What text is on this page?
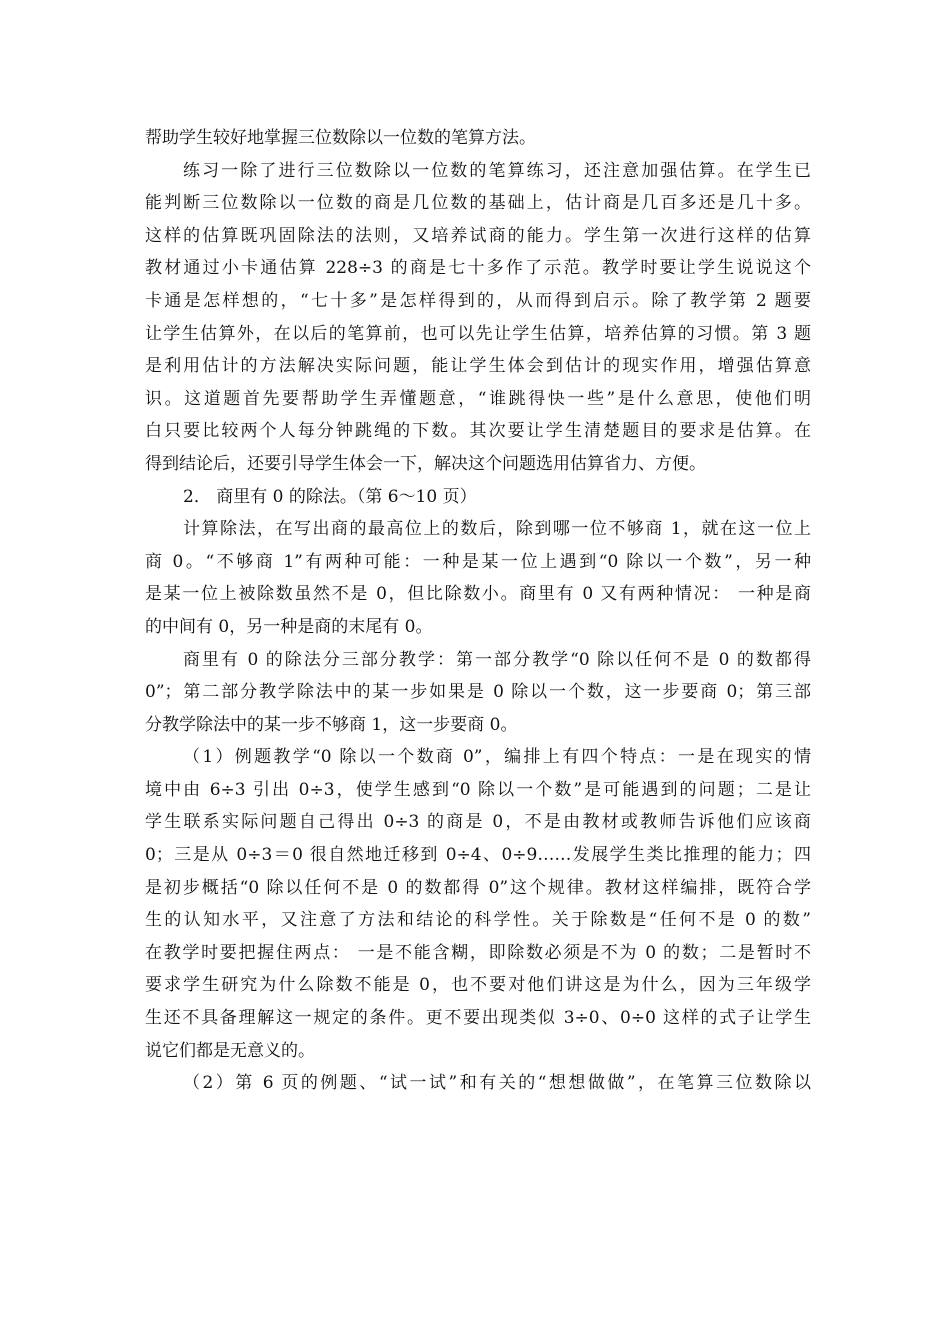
帮助学生较好地掌握三位数除以一位数的笔算方法。
练习一除了进行三位数除以一位数的笔算练习，还注意加强估算。在学生已
能判断三位数除以一位数的商是几位数的基础上，估计商是几百多还是几十多。
这样的估算既巩固除法的法则，又培养试商的能力。学生第一次进行这样的估算
教材通过小卡通估算 228÷3 的商是七十多作了示范。教学时要让学生说说这个
卡通是怎样想的，“七十多”是怎样得到的，从而得到启示。除了教学第 2 题要
让学生估算外，在以后的笔算前，也可以先让学生估算，培养估算的习惯。第 3 题
是利用估计的方法解决实际问题，能让学生体会到估计的现实作用，增强估算意
识。这道题首先要帮助学生弄懂题意，“谁跳得快一些”是什么意思，使他们明
白只要比较两个人每分钟跳绳的下数。其次要让学生清楚题目的要求是估算。在
得到结论后，还要引导学生体会一下，解决这个问题选用估算省力、方便。
2． 商里有 0 的除法。（第 6～10 页）
计算除法，在写出商的最高位上的数后，除到哪一位不够商 1，就在这一位上
商 0。“不够商 1”有两种可能：一种是某一位上遇到“0 除以一个数”，另一种
是某一位上被除数虽然不是 0，但比除数小。商里有 0 又有两种情况： 一种是商
的中间有 0，另一种是商的末尾有 0。
商里有 0 的除法分三部分教学：第一部分教学“0 除以任何不是 0 的数都得
0”；第二部分教学除法中的某一步如果是 0 除以一个数，这一步要商 0；第三部
分教学除法中的某一步不够商 1，这一步要商 0。
（1）例题教学“0 除以一个数商 0”，编排上有四个特点：一是在现实的情
境中由 6÷3 引出 0÷3，使学生感到“0 除以一个数”是可能遇到的问题；二是让
学生联系实际问题自己得出 0÷3 的商是 0，不是由教材或教师告诉他们应该商
0；三是从 0÷3＝0 很自然地迁移到 0÷4、0÷9……发展学生类比推理的能力；四
是初步概括“0 除以任何不是 0 的数都得 0”这个规律。教材这样编排，既符合学
生的认知水平，又注意了方法和结论的科学性。关于除数是“任何不是 0 的数”
在教学时要把握住两点： 一是不能含糊，即除数必须是不为 0 的数；二是暂时不
要求学生研究为什么除数不能是 0，也不要对他们讲这是为什么，因为三年级学
生还不具备理解这一规定的条件。更不要出现类似 3÷0、0÷0 这样的式子让学生
说它们都是无意义的。
（2）第 6 页的例题、“试一试”和有关的“想想做做”，在笔算三位数除以
